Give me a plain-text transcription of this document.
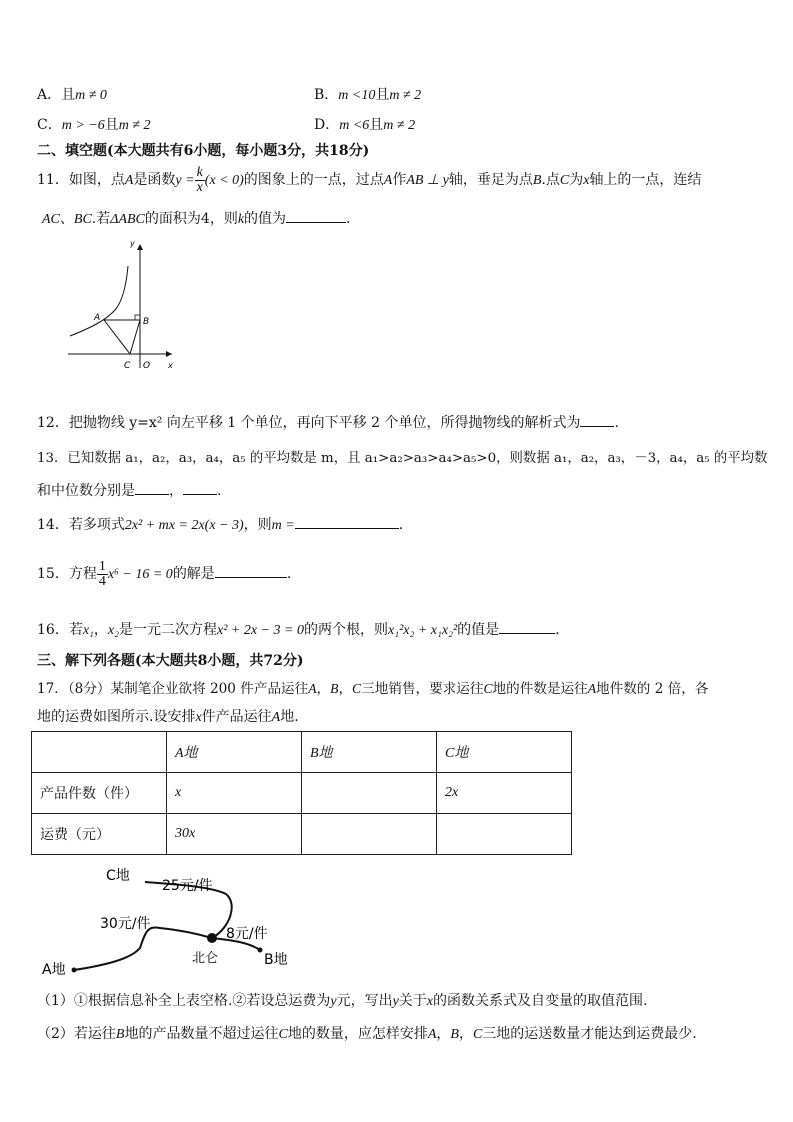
A．且m ≠ 0	B．m <10且m ≠ 2
C．m > −6且m ≠ 2	D．m <6且m ≠ 2
二、填空题(本大题共有6小题，每小题3分，共18分)
11．如图，点A是函数$y = \frac{k}{x} (x < 0)$的图象上的一点，过点A作AB ⊥ y轴，垂足为点B.点C为x轴上的一点，连结
AC、BC.若ΔABC的面积为4，则k的值为	.
y
A	B
C O x
12．把抛物线 y=x² 向左平移 1 个单位，再向下平移 2 个单位，所得抛物线的解析式为 .
13．已知数据 a₁，a₂，a₃，a₄，a₅ 的平均数是 m，且 a₁>a₂>a₃>a₄>a₅>0，则数据 a₁，a₂，a₃，－3，a₄，a₅ 的平均数
和中位数分别是 ， .
14．若多项式2x² + mx = 2x(x − 3)，则m =	.
15．方程 $\frac{1}{4} x^6 - 16 = 0$的解是	.
16．若x₁，x₂是一元二次方程x² + 2x − 3 = 0的两个根，则x₁²x₂ + x₁x₂²的值是	.
三、解下列各题(本大题共8小题，共72分)
17．（8分）某制笔企业欲将 200 件产品运往A，B，C三地销售，要求运往C地的件数是运往A地件数的 2 倍，各
地的运费如图所示.设安排x件产品运往A地.
	A地	B地	C地
产品件数（件）	x		2x
运费（元）	30x		
C地
25元/件
30元/件
8元/件
北仑	B地
A地
（1）①根据信息补全上表空格.②若设总运费为y元，写出y关于x的函数关系式及自变量的取值范围.
（2）若运往B地的产品数量不超过运往C地的数量，应怎样安排A，B，C三地的运送数量才能达到运费最少.
